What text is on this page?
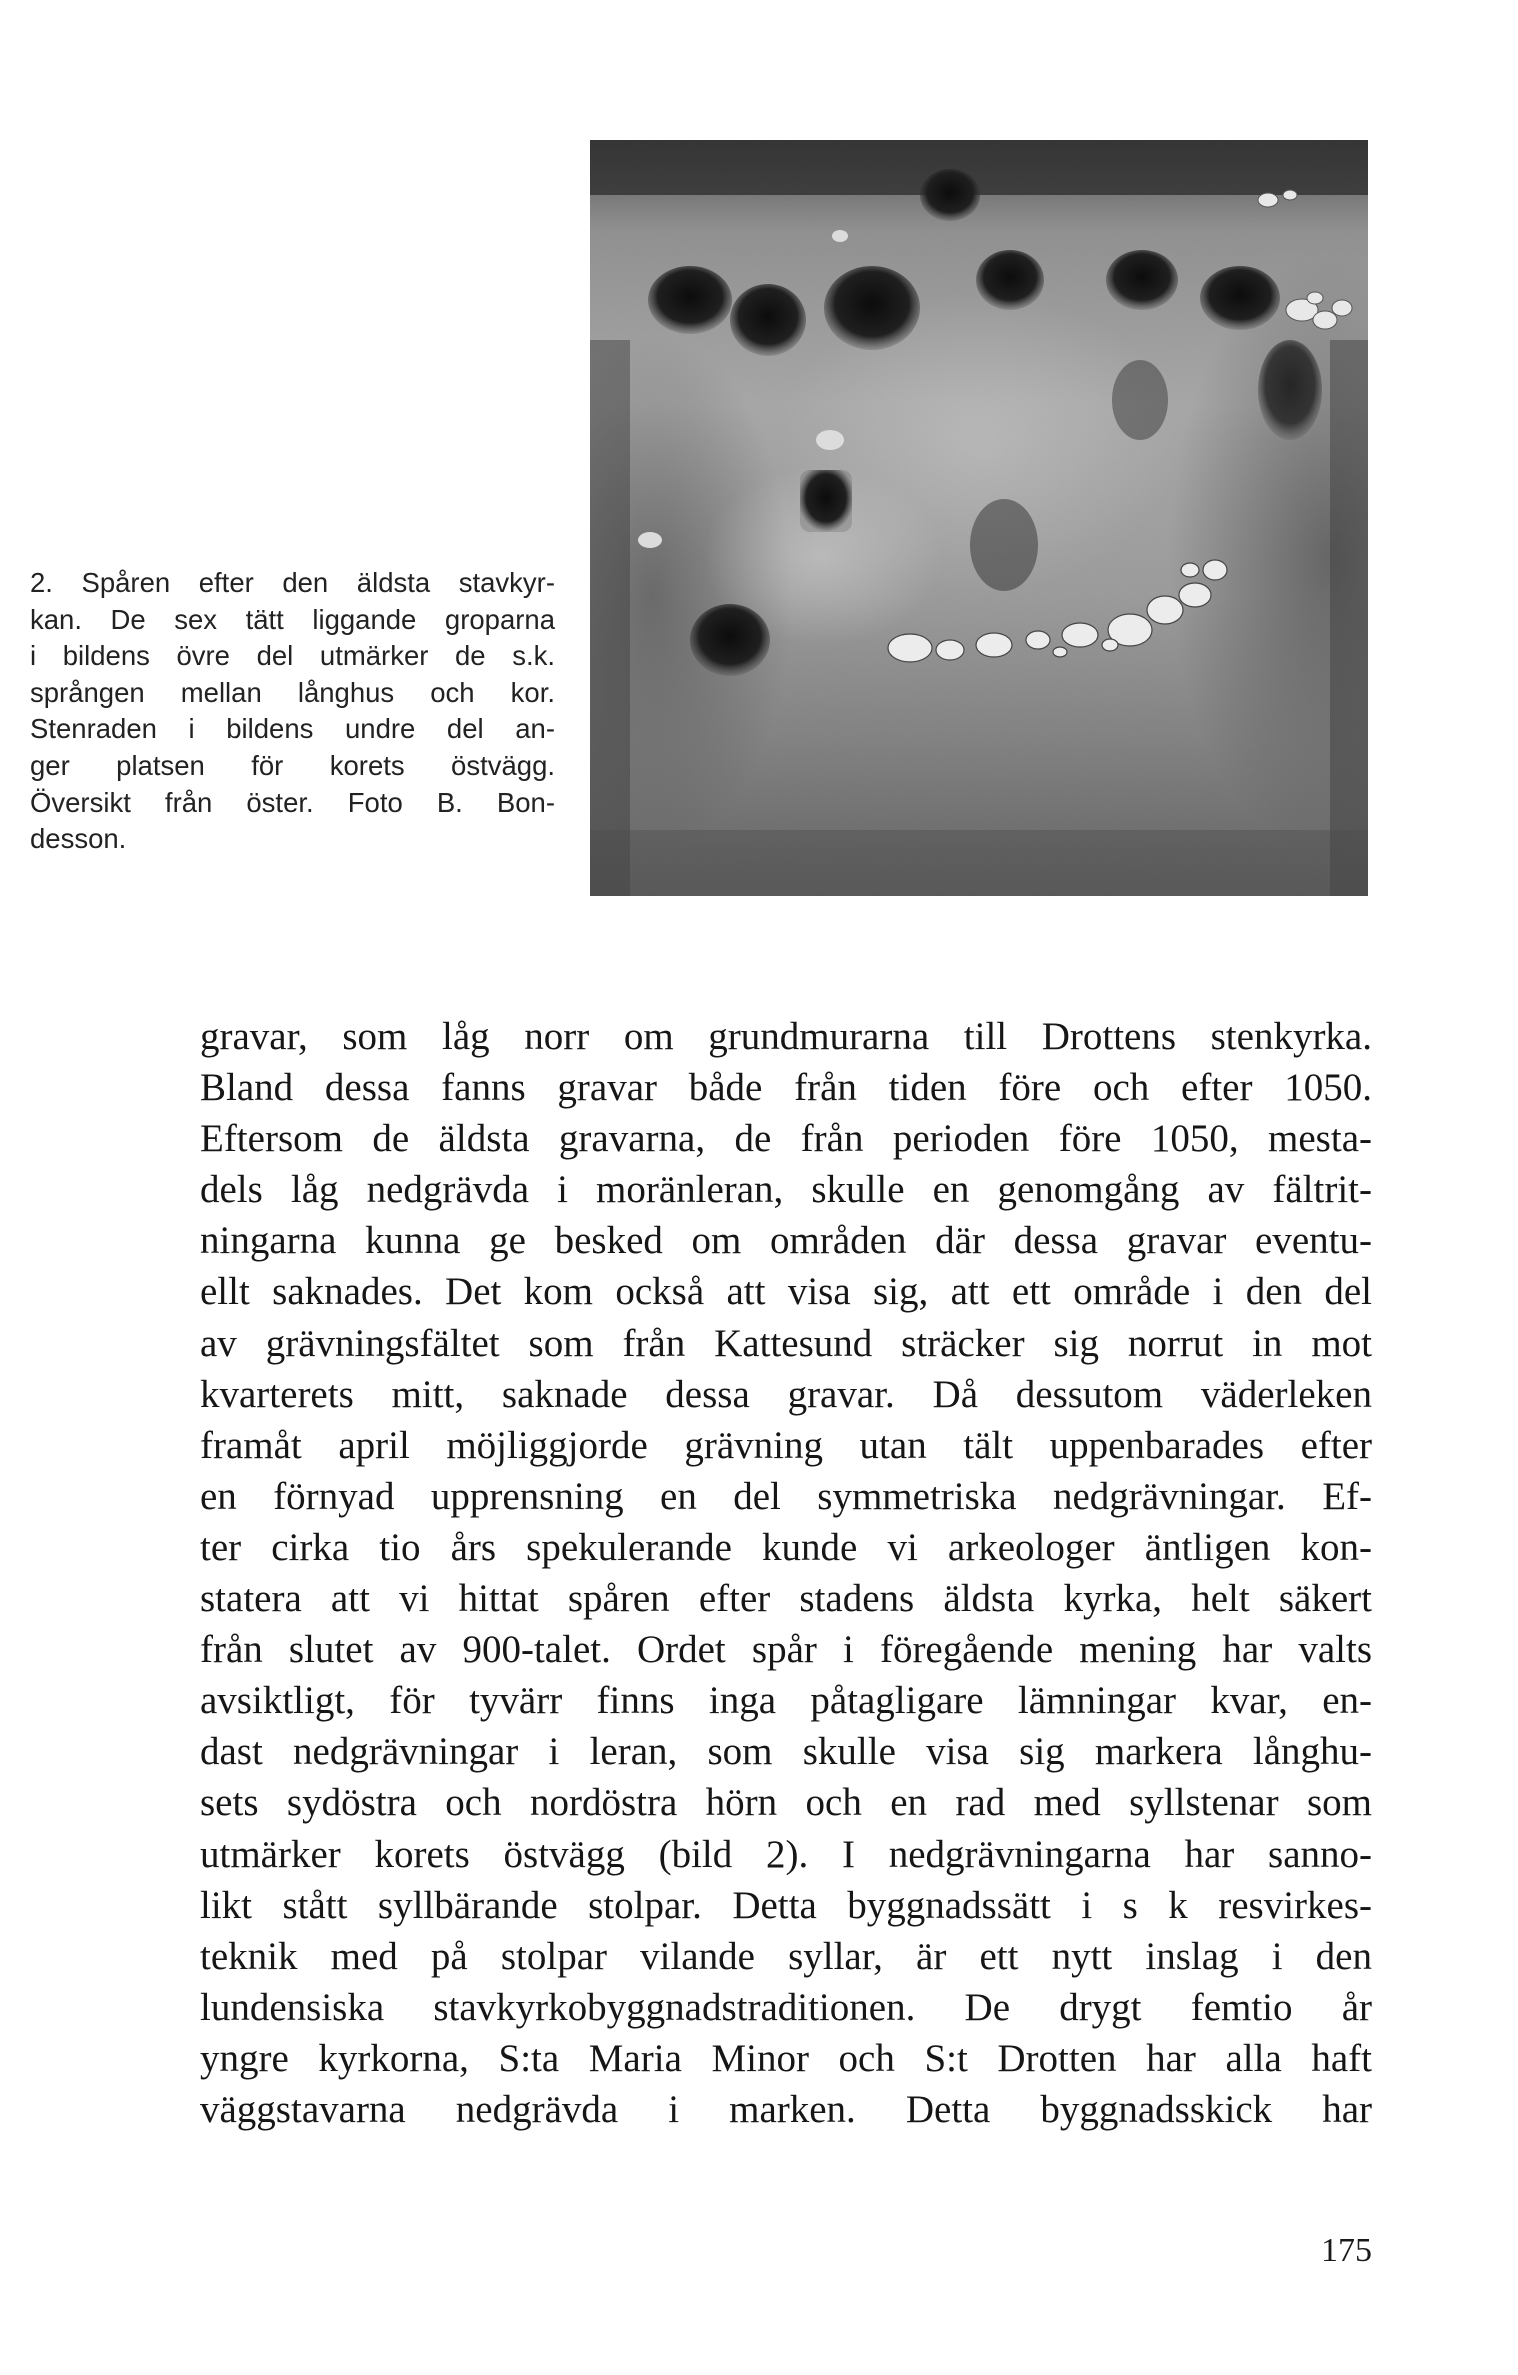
2. Spåren efter den äldsta stavkyr-
kan. De sex tätt liggande groparna
i bildens övre del utmärker de s.k.
sprången mellan långhus och kor.
Stenraden i bildens undre del an-
ger platsen för korets östvägg.
Översikt från öster. Foto B. Bon-
desson.
gravar, som låg norr om grundmurarna till Drottens stenkyrka.
Bland dessa fanns gravar både från tiden före och efter 1050.
Eftersom de äldsta gravarna, de från perioden före 1050, mesta-
dels låg nedgrävda i moränleran, skulle en genomgång av fältrit-
ningarna kunna ge besked om områden där dessa gravar eventu-
ellt saknades. Det kom också att visa sig, att ett område i den del
av grävningsfältet som från Kattesund sträcker sig norrut in mot
kvarterets mitt, saknade dessa gravar. Då dessutom väderleken
framåt april möjliggjorde grävning utan tält uppenbarades efter
en förnyad upprensning en del symmetriska nedgrävningar. Ef-
ter cirka tio års spekulerande kunde vi arkeologer äntligen kon-
statera att vi hittat spåren efter stadens äldsta kyrka, helt säkert
från slutet av 900-talet. Ordet spår i föregående mening har valts
avsiktligt, för tyvärr finns inga påtagligare lämningar kvar, en-
dast nedgrävningar i leran, som skulle visa sig markera långhu-
sets sydöstra och nordöstra hörn och en rad med syllstenar som
utmärker korets östvägg (bild 2). I nedgrävningarna har sanno-
likt stått syllbärande stolpar. Detta byggnadssätt i s k resvirkes-
teknik med på stolpar vilande syllar, är ett nytt inslag i den
lundensiska stavkyrkobyggnadstraditionen. De drygt femtio år
yngre kyrkorna, S:ta Maria Minor och S:t Drotten har alla haft
väggstavarna nedgrävda i marken. Detta byggnadsskick har
175
